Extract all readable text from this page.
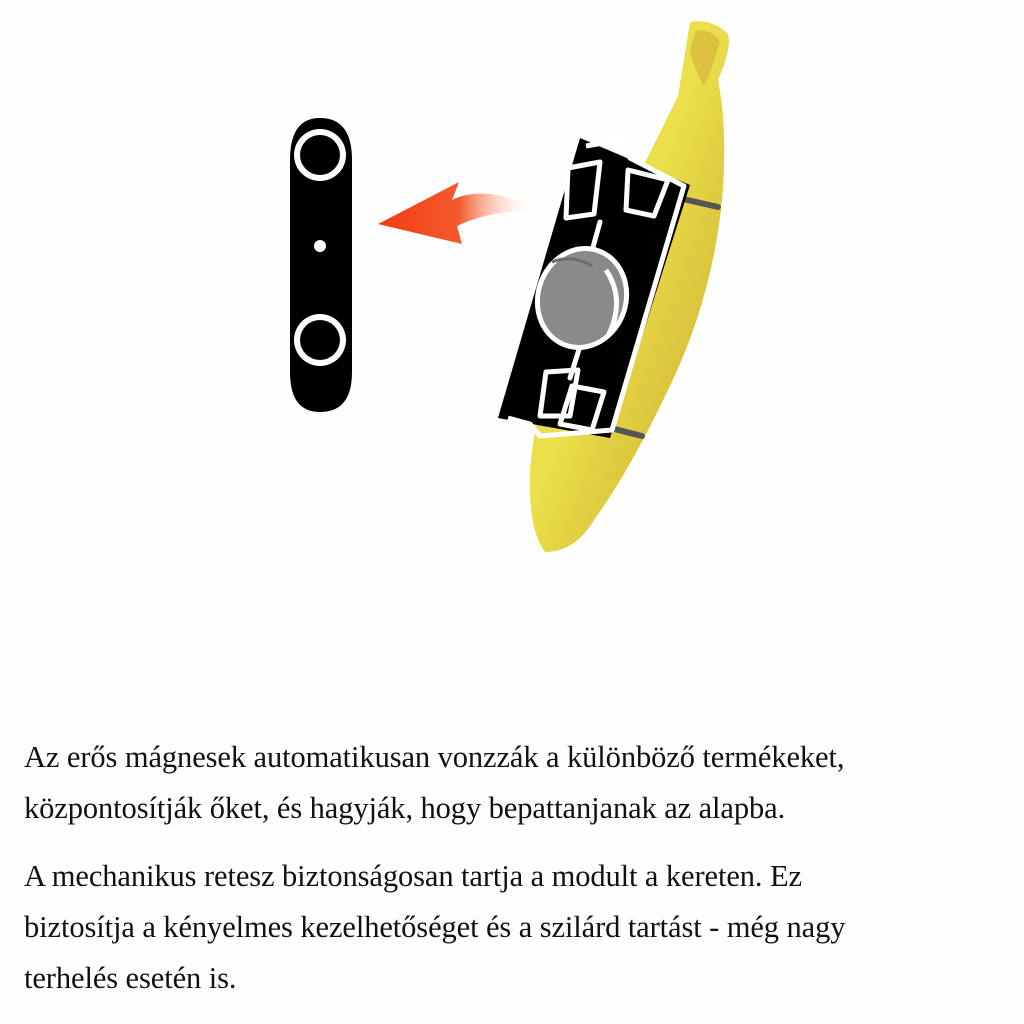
Az erős mágnesek automatikusan vonzzák a különböző termékeket,
központosítják őket, és hagyják, hogy bepattanjanak az alapba.

A mechanikus retesz biztonságosan tartja a modult a kereten. Ez
biztosítja a kényelmes kezelhetőséget és a szilárd tartást - még nagy
terhelés esetén is.
